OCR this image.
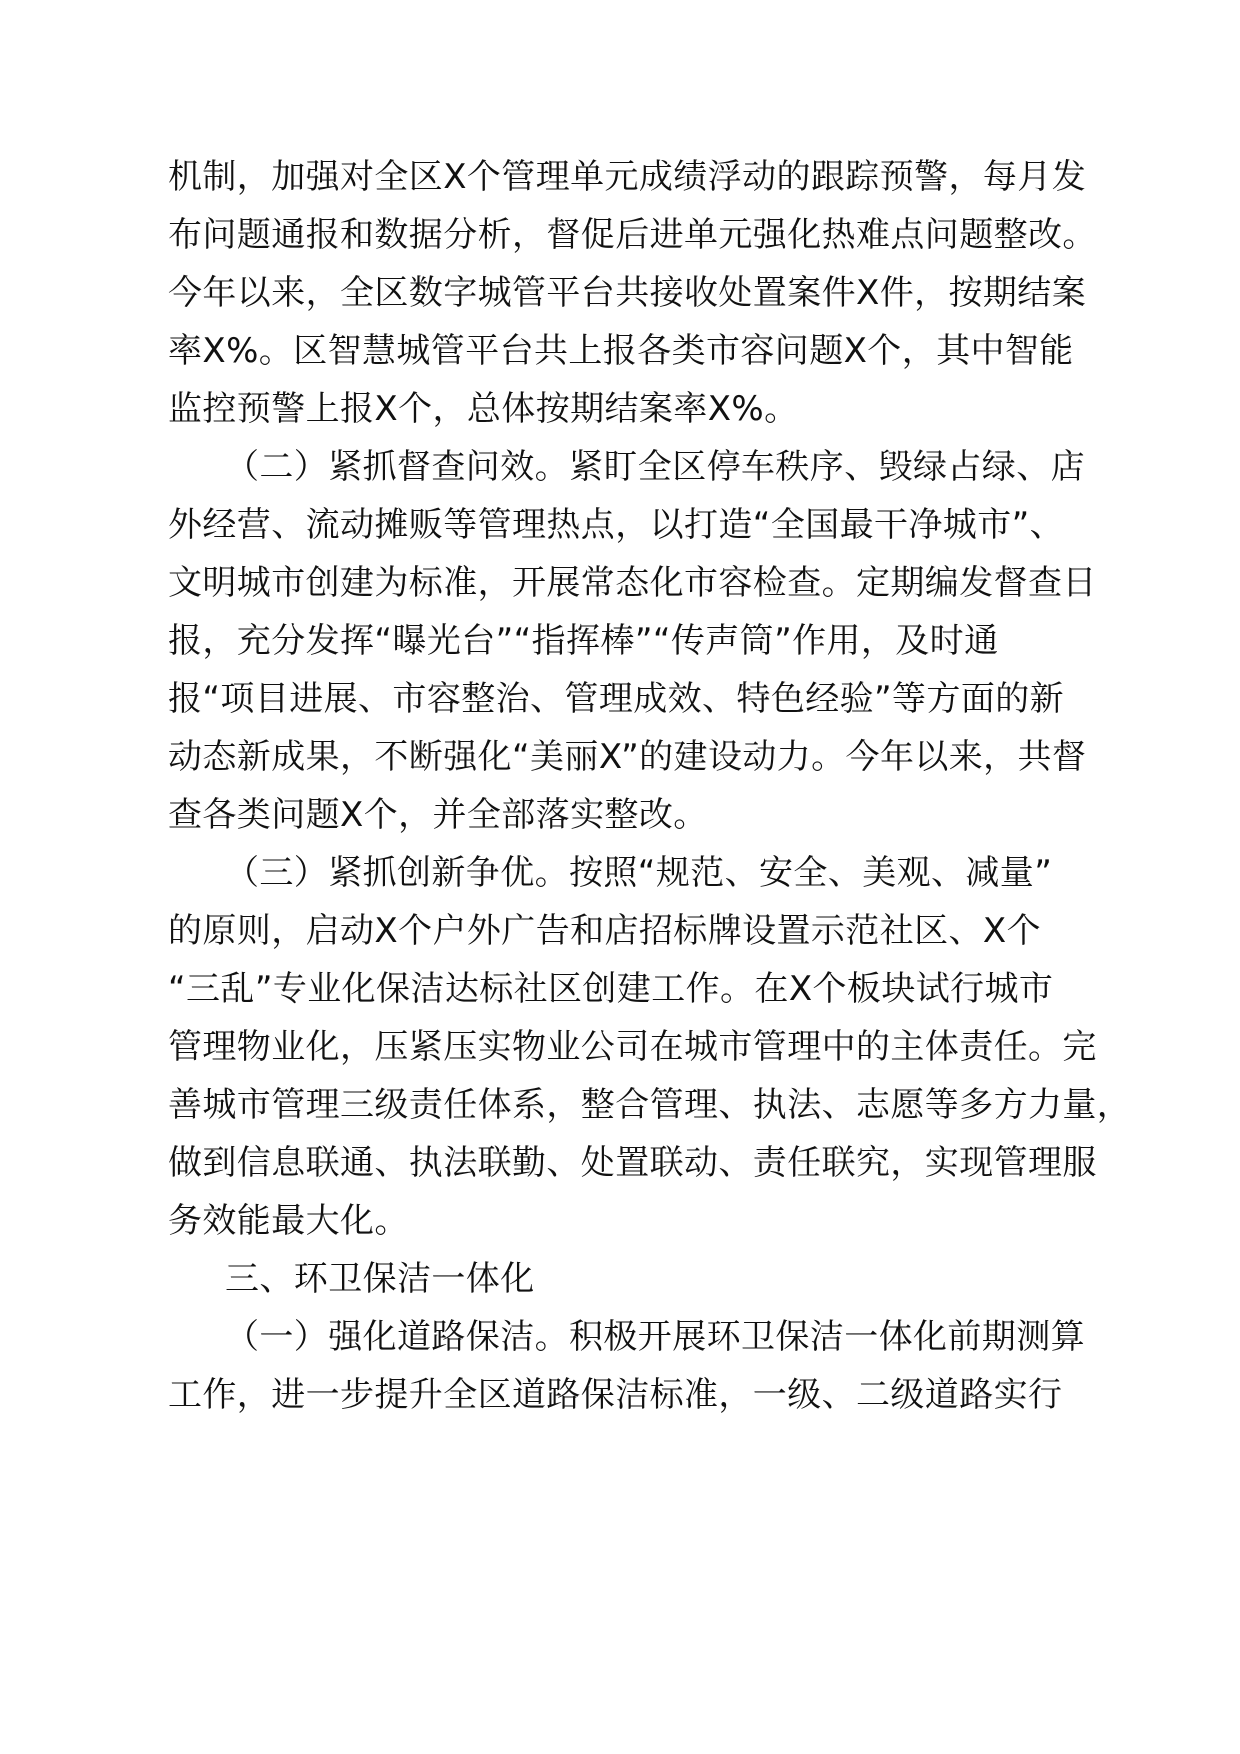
机制，加强对全区X个管理单元成绩浮动的跟踪预警，每月发
布问题通报和数据分析，督促后进单元强化热难点问题整改。
今年以来，全区数字城管平台共接收处置案件X件，按期结案
率X%。区智慧城管平台共上报各类市容问题X个，其中智能
监控预警上报X个，总体按期结案率X%。
（二）紧抓督查问效。紧盯全区停车秩序、毁绿占绿、店
外经营、流动摊贩等管理热点，以打造“全国最干净城市”、
文明城市创建为标准，开展常态化市容检查。定期编发督查日
报，充分发挥“曝光台”“指挥棒”“传声筒”作用，及时通
报“项目进展、市容整治、管理成效、特色经验”等方面的新
动态新成果，不断强化“美丽X”的建设动力。今年以来，共督
查各类问题X个，并全部落实整改。
（三）紧抓创新争优。按照“规范、安全、美观、减量”
的原则，启动X个户外广告和店招标牌设置示范社区、X个
“三乱”专业化保洁达标社区创建工作。在X个板块试行城市
管理物业化，压紧压实物业公司在城市管理中的主体责任。完
善城市管理三级责任体系，整合管理、执法、志愿等多方力量，
做到信息联通、执法联勤、处置联动、责任联究，实现管理服
务效能最大化。
三、环卫保洁一体化
（一）强化道路保洁。积极开展环卫保洁一体化前期测算
工作，进一步提升全区道路保洁标准，一级、二级道路实行
